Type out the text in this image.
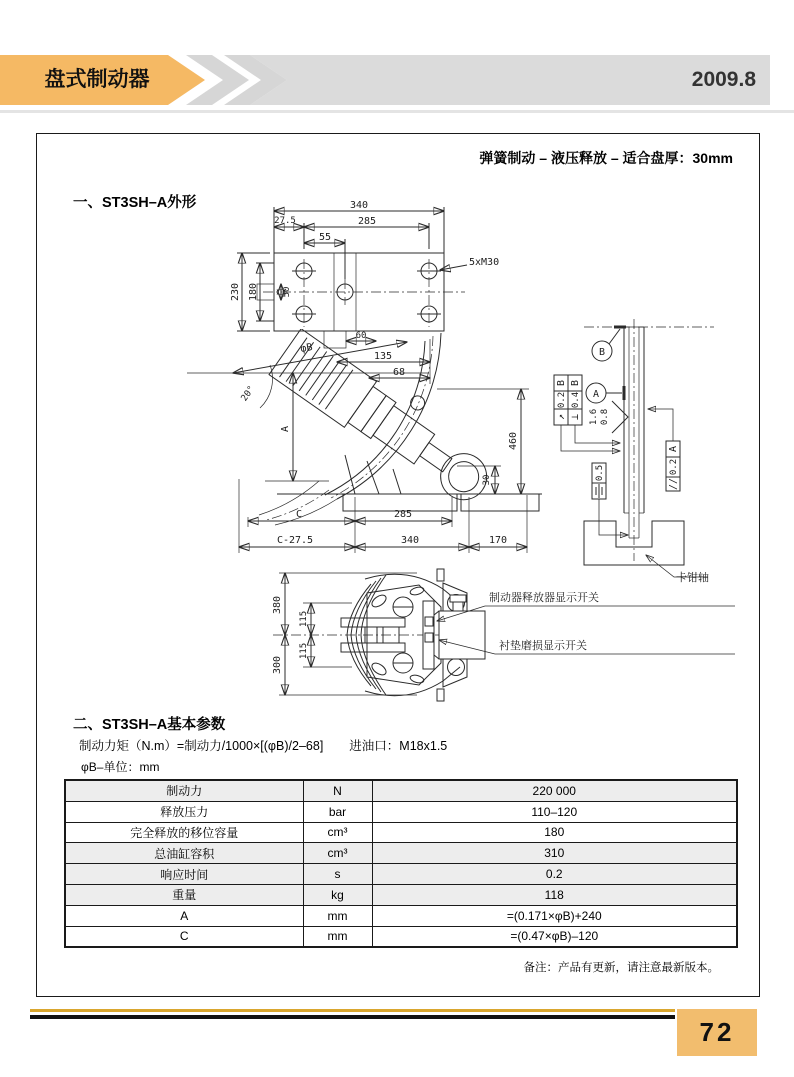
盘式制动器	2009.8
弹簧制动 – 液压释放 – 适合盘厚：30mm
一、ST3SH–A外形	340
285
27.5
55
230 180	50
60
5xM30
φB
20°
135
68
A
460
30
C	285
C-27.5	340	170
B
A
B
0.2
↗
B
0.4
⊥ 1.6 0.8
0.5
A
0.2
//
卡钳轴
380
300
115
115
制动器释放器显示开关
衬垫磨损显示开关
二、ST3SH–A基本参数
制动力矩（N.m）=制动力/1000×[(φB)/2–68] 进油口：M18x1.5
φB–单位：mm
制动力	N	220 000
释放压力	bar	110–120
完全释放的移位容量	cm³	180
总油缸容积	cm³	310
响应时间	s	0.2
重量	kg	118
A	mm	=(0.171×φB)+240
C	mm	=(0.47×φB)–120
备注：产品有更新，请注意最新版本。
72
